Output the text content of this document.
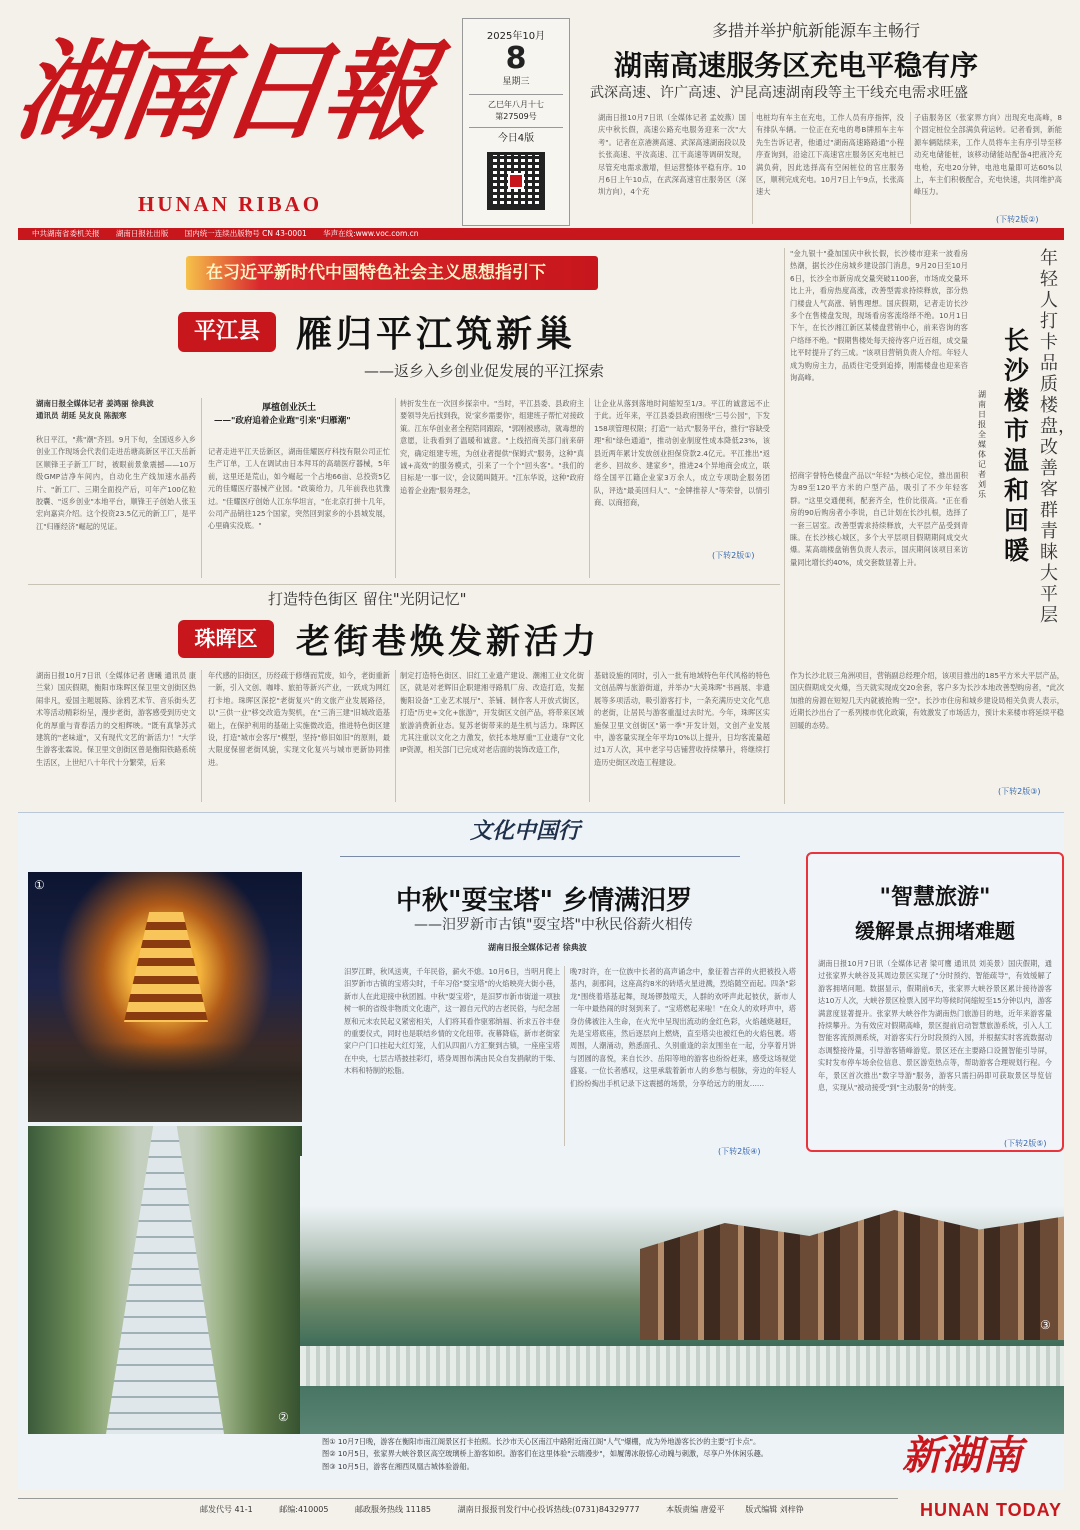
湖南日報
HUNAN RIBAO
2025年10月
8
星期三
乙巳年八月十七
第27509号
今日4版
中共湖南省委机关报 湖南日报社出版 国内统一连续出版物号 CN 43-0001 华声在线:www.voc.com.cn
多措并举护航新能源车主畅行
湖南高速服务区充电平稳有序
武深高速、许广高速、沪昆高速湖南段等主干线充电需求旺盛
湖南日报10月7日讯（全媒体记者 孟姣燕）国庆中秋长假，高速公路充电服务迎来一次"大考"。记者在京港澳高速、武深高速湖南段以及长张高速、平汝高速、江干高速等调研发现，尽管充电需求激增，但运营整体平稳有序。10月6日上午10点，在武深高速官庄服务区（深圳方向），4个充
电桩均有车主在充电，工作人员有序指挥，没有排队车辆。一位正在充电的粤B牌照车主车先生告诉记者，他通过"湖南高速路路通"小程序查询到，沿途江下高速官庄服务区充电桩已满负荷，因此选择高有空闲桩位的官庄服务区，顺利完成充电。10月7日上午9点，长张高速大
子庙服务区（张家界方向）出现充电高峰，8个固定桩位全部满负荷运转。记者看到，新能源车辆陆续来，工作人员将车主有序引导至移动充电储能桩，该移动储能站配备4把液冷充电枪，充电20分钟，电池电量即可达60%以上，车主们积极配合，充电快速，共同维护高峰压力。
(下转2版②)
在习近平新时代中国特色社会主义思想指引下
平江县	雁归平江筑新巢
——返乡入乡创业促发展的平江探索
湖南日报全媒体记者 姜鸿丽 徐典波
通讯员 胡延 吴友良 陈振寒
秋日平江，"燕"潮"齐回。9月下旬，全国返乡入乡创业工作现场会代表们走进岳塘高新区平江天岳新区顺锋王子新工厂时，被眼前景象震撼——10万级GMP洁净车间内，自动化生产线加速水晶药片、"新工厂、三期全面投产后，可年产100亿粒胶囊、"返乡创业"本地平台，顺锋王子创始人张玉宏向嘉宾介绍。这个投资23.5亿元的新工厂，是平江"归雁经济"崛起的见证。
厚植创业沃土
——"政府追着企业跑"引来"归雁潮"
记者走进平江天岳新区，湖南佳耀医疗科技有限公司正忙生产订单，工人在调试由日本拜耳的高端医疗器械，5年前，这里还是荒山，如今崛起一个占地66亩、总投资5亿元的佳耀医疗器械产业园。"政策给力，几年前我也犹豫过。"佳耀医疗创始人江东华坦言，"在北京打拼十几年，公司产品销往125个国家，突然回到家乡的小县城发展，心里确实没底。"
转折发生在一次回乡探亲中。"当时，平江县委、县政府主要领导先后找到我，说'家乡需要你'，组建班子帮忙对接政策。江东华创业者全程陪同跟踪，"郭刚被感动，就毒想的意愿，让我看到了温暖和诚意。"上线招商关部门前来研究，确定组建专班，为创业者提供"保姆式"服务，这种"真诚+高效"的服务模式，引来了一个个"回头客"。"我们的目标是'一事一议'，会议随叫随开。"江东华说，这种"政府追着企业跑"服务理念，
让企业从落到落地时间缩短至1/3。平江的诚意远不止于此。近年来，平江县委县政府围绕"三号公园"，下发158项管理权限；打造"一站式"服务平台，推行"容缺受理"和"绿色通道"，推动创业制度性成本降低23%，该县近两年累计发放创业担保贷款2.4亿元。平江推出"返老乡、回故乡、建家乡"，推进24个异地商会成立，联络全国平江籍企业家3万余人，成立专项助企服务团队，评选"最美回归人"、"金牌推荐人"等荣誉，以情引商、以商招商，
(下转2版①)
打造特色街区 留住"光阴记忆"
珠晖区	老街巷焕发新活力
湖南日报10月7日讯（全媒体记者 唐曦 通讯员 康兰棠）国庆假期，衡阳市珠晖区保卫里文创街区热闹非凡，爱国主题展陈、涂鸦艺术节、音乐街头艺术等活动精彩纷呈，漫步老街，游客感受到历史文化的厚重与青春活力的交相辉映。"既有真挚苏式建筑的"老味道"，又有现代文艺的'新活力'！"大学生游客张霖说。保卫里文创街区曾是衡阳铁路系统生活区，上世纪八十年代十分繁荣，后来
年代感的旧街区，历经疏于修缮而荒废，如今，老街重新一新，引入文创、咖啡、旅拍等新兴产业，一跃成为网红打卡地。珠晖区深挖"老街复兴"的文旅产业发展路径，以"三供一业"移交改造为契机，在"三消三建"旧城改造基础上，在保护利用的基础上实施微改造，推进特色街区建设，打造"城市会客厅"模型，坚持"修旧如旧"的原则，最大限度保留老街风貌，实现文化复兴与城市更新协同推进。
制定打造特色街区、旧红工业遗产建设、潮湘工业文化街区，就是对老辉旧企职建湘寻路肌厂房、改造打造，发掘衡阳设备"工业艺术展厅"、茶铺、制作客人开放式街区，打造"历史+文化+旅游"，开发街区文创产品，将带来区域旅游消费新业态。复苏老街带来的是生机与活力。珠晖区尤其注重以文化之力激发，依托本地厚重"工业遗存"文化IP资源，相关部门已完成对老店面的装饰改造工作，
基础设施的同时，引入一批有地域特色年代风格的特色文创品牌与旅游街道，并举办"大美珠晖"书画展、非遗展等多项活动，吸引游客打卡，一条充满历史文化气息的老街，让居民与游客重温过去时光。今年，珠晖区实施保卫里文创街区"第一季"开发计划，文创产业发展中，游客量实现全年平均10%以上提升，日均客流量超过1万人次，其中老字号店铺营收持续攀升，将继续打造历史街区改造工程建设。
"金九银十"叠加国庆中秋长假，长沙楼市迎来一波看房热潮，据长沙住房城乡建设部门消息，9月20日至10月6日，长沙全市新房成交量突破1100套，市场成交量环比上升，看房热度高涨，改善型需求持续释放，部分热门楼盘人气高涨、销售理想。国庆假期，记者走访长沙多个在售楼盘发现，现场看房客流络绎不绝。10月1日下午，在长沙湘江新区某楼盘营销中心，前来咨询的客户络绎不绝。"假期售楼处每天接待客户近百组，成交量比平时提升了约三成。"该项目营销负责人介绍。年轻人成为购房主力，品质住宅受到追捧，刚需楼盘也迎来咨询高峰。
招商字誉特色楼盘产品以"年轻"为核心定位，推出面积为89至120平方米的户型产品，吸引了不少年轻客群。"这里交通便利，配套齐全，性价比很高。"正在看房的90后购房者小李说，自己计划在长沙扎根，选择了一套三居室。改善型需求持续释放，大平层产品受到青睐。在长沙核心城区，多个大平层项目假期期间成交火爆。某高端楼盘销售负责人表示，国庆期间该项目来访量同比增长约40%，成交套数显著上升。
作为长沙北辰三角洲项目，营销副总经理介绍，该项目推出的185平方米大平层产品，国庆假期成交火爆，当天就实现成交20余套，客户多为长沙本地改善型购房者，"此次加推的房源在短短几天内就被抢购一空"。长沙市住房和城乡建设局相关负责人表示，近期长沙出台了一系列楼市优化政策，有效激发了市场活力，预计未来楼市将延续平稳回暖的态势。
(下转2版③)
长沙楼市温和回暖
年轻人打卡品质楼盘，改善客群青睐大平层
湖南日报全媒体记者 刘乐
文化中国行
①
中秋"耍宝塔" 乡情满汨罗
——汨罗新市古镇"耍宝塔"中秋民俗薪火相传
湖南日报全媒体记者 徐典波
汨罗江畔，秋风送爽，千年民俗，薪火不熄。10月6日，当明月爬上汨罗新市古镇的宝塔尖时，千年习俗"耍宝塔"的火焰映亮大街小巷，新市人在此迎接中秋团圆。中秋"耍宝塔"，是汨罗市新市街道一项独树一帜的省级非物质文化遗产，这一源自元代的古老民俗，与纪念屈原和元末农民起义紧密相关，人们将其看作驱邪纳福、祈求五谷丰登的重要仪式，同时也是联结乡情的文化纽带。夜幕降临，新市老街家家户户门口挂起大红灯笼，人们从四面八方汇聚到古镇，一座座宝塔在中央，七层古塔披挂彩灯，塔身周围布满由民众自发捐献的干柴、木料和特制的松脂。
晚7时许，在一位族中长者的高声诵念中，象征着吉祥的火把被投入塔基内，刹那间，这座高约8米的砖塔火星迸溅，烈焰随空而起。四条"彩龙"围绕着塔基起舞，现场锣鼓喧天，人群的欢呼声此起彼伏，新市人一年中最热闹的时刻到来了。"宝塔燃起来啦！"在众人的欢呼声中，塔身仿佛被注入生命，在火光中呈现出流动的金红色彩，火焰越烧越旺，先是宝塔底座，然后逐层向上燃烧，直至塔尖也被红色的火焰包裹。塔周围，人潮涌动，熟悉面孔、久别重逢的亲友围坐在一起，分享着月饼与团圆的喜悦，来自长沙、岳阳等地的游客也纷纷赶来，感受这场视觉盛宴。一位长者感叹，这里承载着新市人的乡愁与根脉，旁边的年轻人们纷纷掏出手机记录下这震撼的场景，分享给远方的朋友……
(下转2版④)
"智慧旅游"
缓解景点拥堵难题
湖南日报10月7日讯（全媒体记者 梁可鹰 通讯员 刘美景）国庆假期，通过张家界大峡谷及其周边景区实现了"分时预约、智能疏导"，有效缓解了游客拥堵问题。数据显示，假期前6天，张家界大峡谷景区累计接待游客达10万人次，大峡谷景区检票入园平均等候时间缩短至15分钟以内，游客满意度显著提升。张家界大峡谷作为湖南热门旅游目的地，近年来游客量持续攀升。为有效应对假期高峰，景区提前启动智慧旅游系统，引入人工智能客流预测系统，对游客实行分时段预约入园，并根据实时客流数据动态调整接待量，引导游客错峰游览。景区还在主要路口设置智能引导屏，实时发布停车场余位信息、景区游览热点等，帮助游客合理规划行程。今年，景区首次推出"数字导游"服务，游客只需扫码即可获取景区导览信息，实现从"被动接受"到"主动服务"的转变。
(下转2版⑤)
②
③
图① 10月7日晚，游客在衡阳市南江阁景区打卡拍照。长沙市天心区南江中路附近南江阁"人气"爆棚，成为外地游客长沙的主要"打卡点"。
图② 10月5日，张家界大峡谷景区高空玻璃桥上游客如织。游客们在这里体验"云端漫步"，如履薄冰般惊心动魄与刺激，尽享户外休闲乐趣。
图③ 10月5日，游客在湘西凤凰古城体验游船。	新湖南
HUNAN TODAY
邮发代号 41-1	邮编:410005	邮政服务热线 11185	湖南日报报刊发行中心投诉热线:(0731)84329777	本版责编 唐爱平	版式编辑 刘梓铮
